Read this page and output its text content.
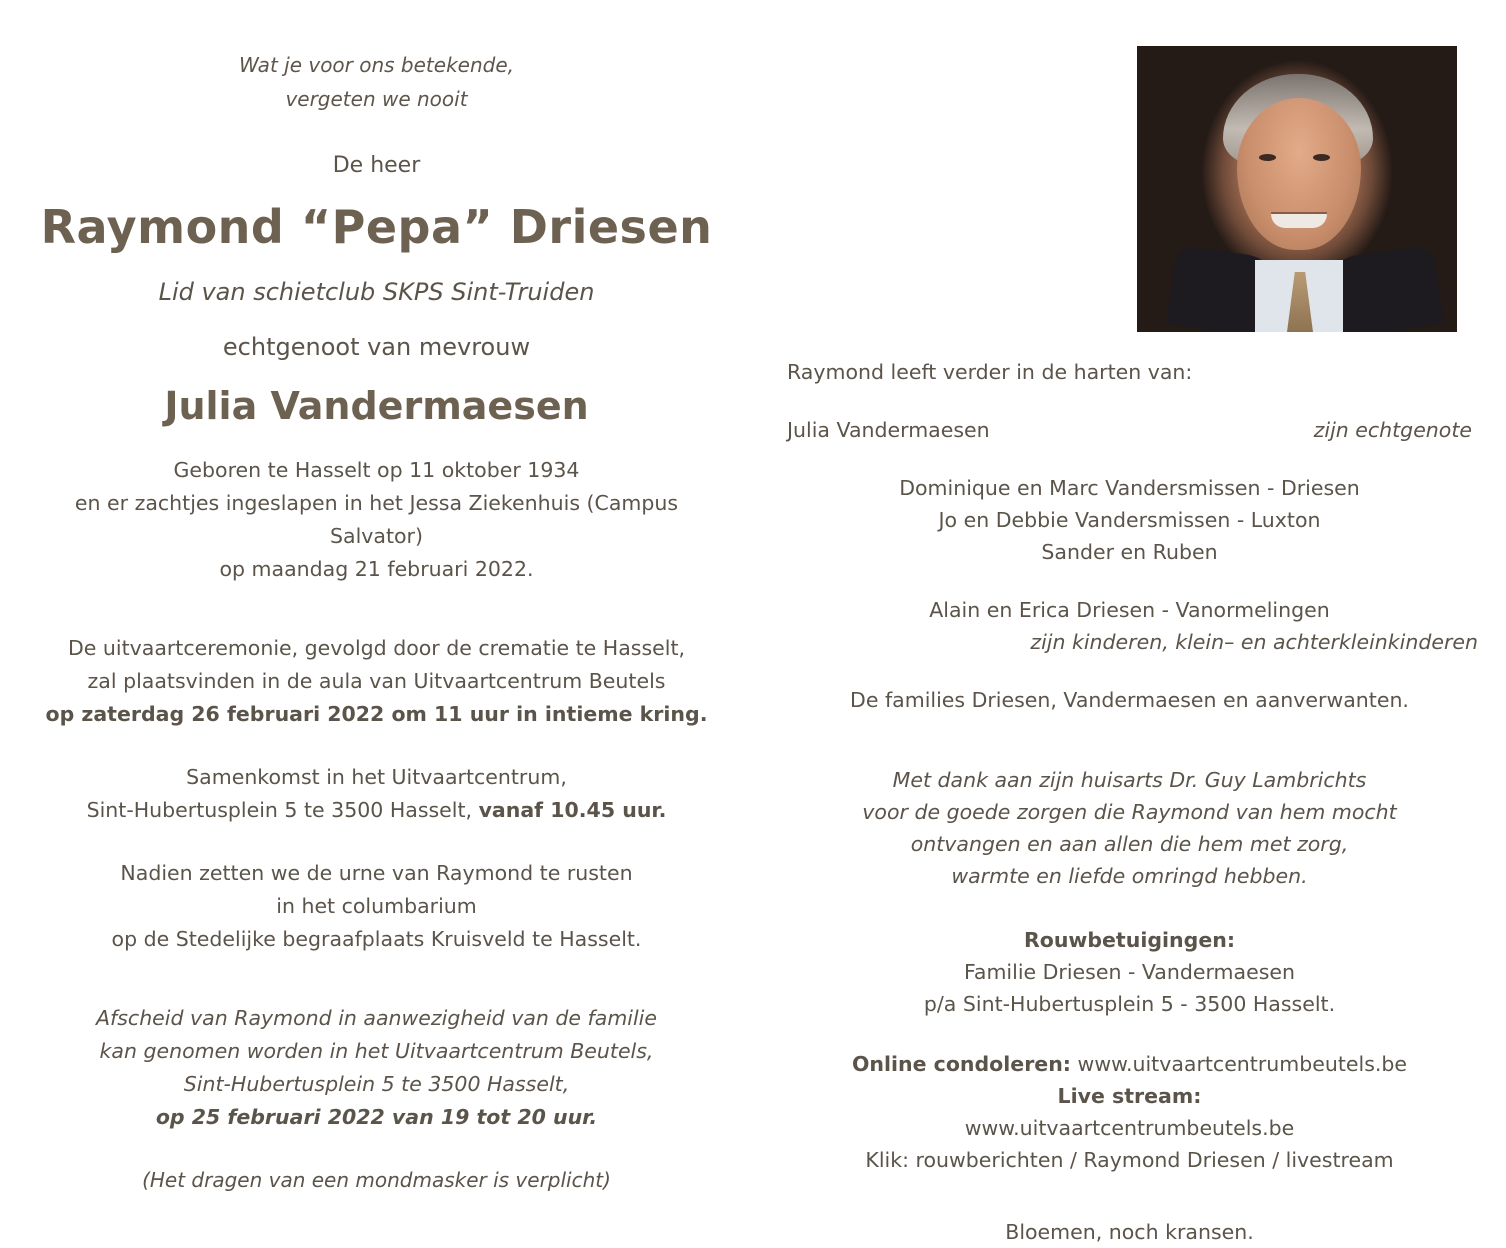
Wat je voor ons betekende,
vergeten we nooit

De heer

Raymond “Pepa” Driesen

Lid van schietclub SKPS Sint-Truiden

echtgenoot van mevrouw

Julia Vandermaesen

Geboren te Hasselt op 11 oktober 1934
en er zachtjes ingeslapen in het Jessa Ziekenhuis (Campus Salvator)
op maandag 21 februari 2022.

De uitvaartceremonie, gevolgd door de crematie te Hasselt,
zal plaatsvinden in de aula van Uitvaartcentrum Beutels
op zaterdag 26 februari 2022 om 11 uur in intieme kring.

Samenkomst in het Uitvaartcentrum,
Sint-Hubertusplein 5 te 3500 Hasselt, vanaf 10.45 uur.

Nadien zetten we de urne van Raymond te rusten
in het columbarium
op de Stedelijke begraafplaats Kruisveld te Hasselt.

Afscheid van Raymond in aanwezigheid van de familie
kan genomen worden in het Uitvaartcentrum Beutels,
Sint-Hubertusplein 5 te 3500 Hasselt,
op 25 februari 2022 van 19 tot 20 uur.

(Het dragen van een mondmasker is verplicht)

Raymond leeft verder in de harten van:

Julia Vandermaesen	zijn echtgenote
Dominique en Marc Vandersmissen - Driesen
Jo en Debbie Vandersmissen - Luxton
Sander en Ruben
Alain en Erica Driesen - Vanormelingen
zijn kinderen, klein– en achterkleinkinderen
De families Driesen, Vandermaesen en aanverwanten.

Met dank aan zijn huisarts Dr. Guy Lambrichts
voor de goede zorgen die Raymond van hem mocht
ontvangen en aan allen die hem met zorg,
warmte en liefde omringd hebben.

Rouwbetuigingen:
Familie Driesen - Vandermaesen
p/a Sint-Hubertusplein 5 - 3500 Hasselt.
Online condoleren: www.uitvaartcentrumbeutels.be
Live stream:
www.uitvaartcentrumbeutels.be
Klik: rouwberichten / Raymond Driesen / livestream
Bloemen, noch kransen.
